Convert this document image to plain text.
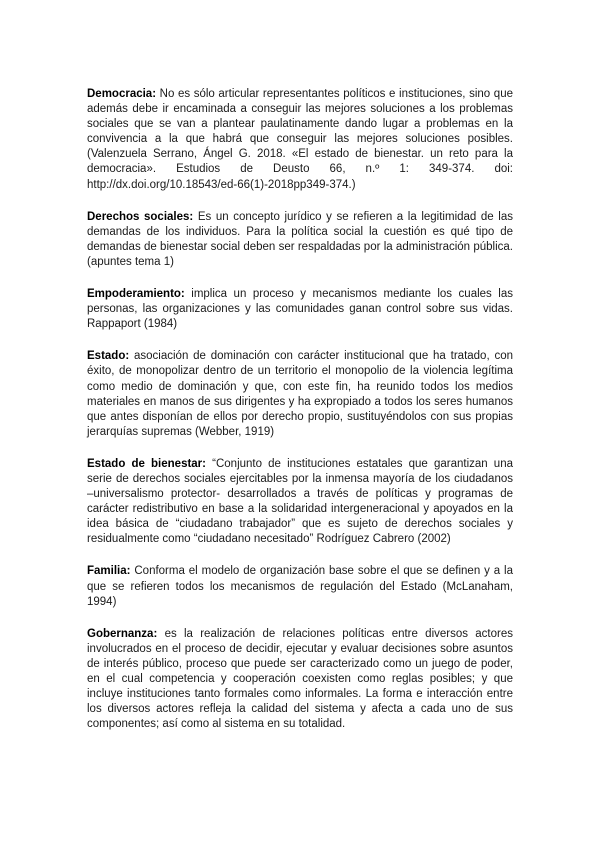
Democracia: No es sólo articular representantes políticos e instituciones, sino que además debe ir encaminada a conseguir las mejores soluciones a los problemas sociales que se van a plantear paulatinamente dando lugar a problemas en la convivencia a la que habrá que conseguir las mejores soluciones posibles. (Valenzuela Serrano, Ángel G. 2018. «El estado de bienestar. un reto para la democracia». Estudios de Deusto 66, n.º 1: 349-374. doi: http://dx.doi.org/10.18543/ed-66(1)-2018pp349-374.)

Derechos sociales: Es un concepto jurídico y se refieren a la legitimidad de las demandas de los individuos. Para la política social la cuestión es qué tipo de demandas de bienestar social deben ser respaldadas por la administración pública. (apuntes tema 1)

Empoderamiento: implica un proceso y mecanismos mediante los cuales las personas, las organizaciones y las comunidades ganan control sobre sus vidas. Rappaport (1984)

Estado: asociación de dominación con carácter institucional que ha tratado, con éxito, de monopolizar dentro de un territorio el monopolio de la violencia legítima como medio de dominación y que, con este fin, ha reunido todos los medios materiales en manos de sus dirigentes y ha expropiado a todos los seres humanos que antes disponían de ellos por derecho propio, sustituyéndolos con sus propias jerarquías supremas (Webber, 1919)

Estado de bienestar: “Conjunto de instituciones estatales que garantizan una serie de derechos sociales ejercitables por la inmensa mayoría de los ciudadanos –universalismo protector- desarrollados a través de políticas y programas de carácter redistributivo en base a la solidaridad intergeneracional y apoyados en la idea básica de “ciudadano trabajador” que es sujeto de derechos sociales y residualmente como “ciudadano necesitado” Rodríguez Cabrero (2002)

Familia: Conforma el modelo de organización base sobre el que se definen y a la que se refieren todos los mecanismos de regulación del Estado (McLanaham, 1994)

Gobernanza: es la realización de relaciones políticas entre diversos actores involucrados en el proceso de decidir, ejecutar y evaluar decisiones sobre asuntos de interés público, proceso que puede ser caracterizado como un juego de poder, en el cual competencia y cooperación coexisten como reglas posibles; y que incluye instituciones tanto formales como informales. La forma e interacción entre los diversos actores refleja la calidad del sistema y afecta a cada uno de sus componentes; así como al sistema en su totalidad.
